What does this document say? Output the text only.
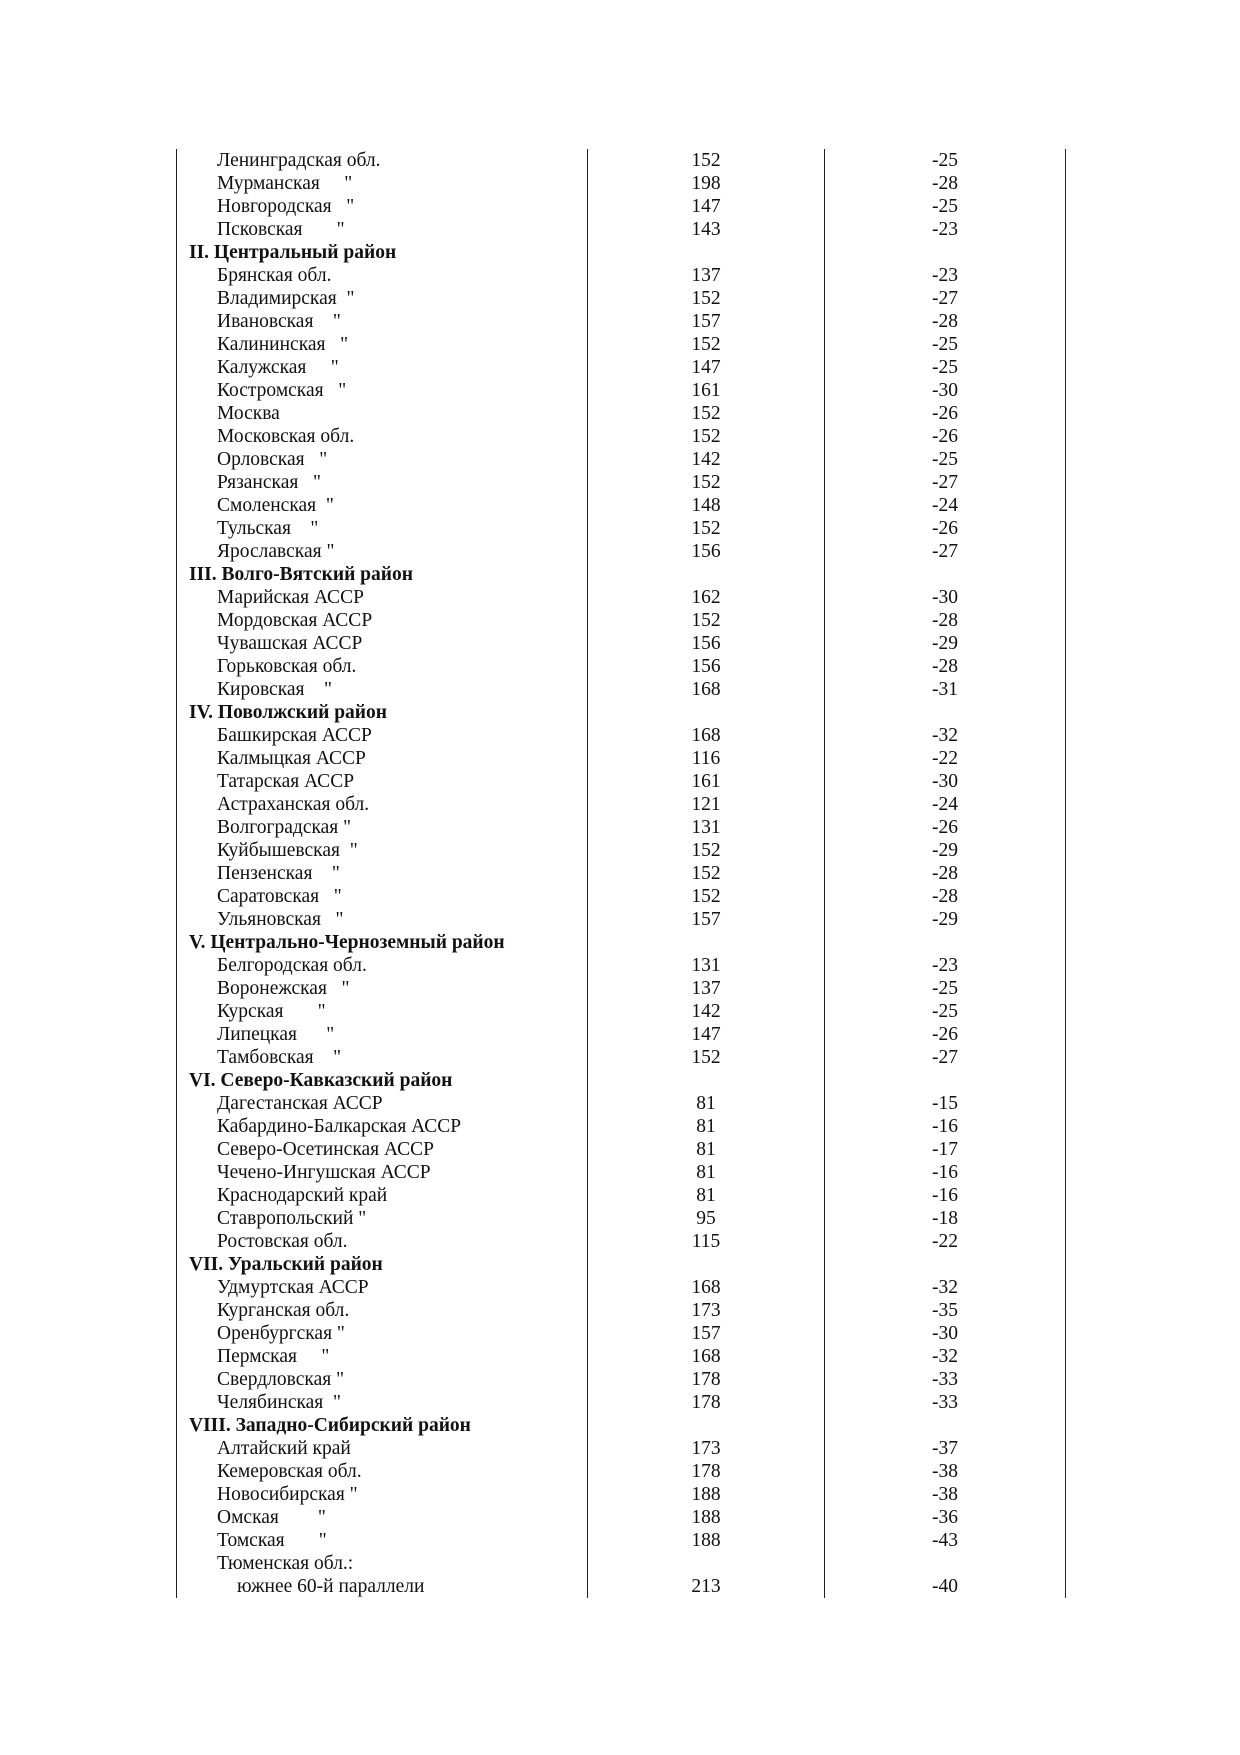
Ленинградская обл.	152	-25
Мурманская     "	198	-28
Новгородская   "	147	-25
Псковская       "	143	-23
II. Центральный район		
Брянская обл.	137	-23
Владимирская  "	152	-27
Ивановская    "	157	-28
Калининская   "	152	-25
Калужская     "	147	-25
Костромская   "	161	-30
Москва	152	-26
Московская обл.	152	-26
Орловская   "	142	-25
Рязанская   "	152	-27
Смоленская  "	148	-24
Тульская    "	152	-26
Ярославская "	156	-27
III. Волго-Вятский район		
Марийская АССР	162	-30
Мордовская АССР	152	-28
Чувашская АССР	156	-29
Горьковская обл.	156	-28
Кировская    "	168	-31
IV. Поволжский район		
Башкирская АССР	168	-32
Калмыцкая АССР	116	-22
Татарская АССР	161	-30
Астраханская обл.	121	-24
Волгоградская "	131	-26
Куйбышевская  "	152	-29
Пензенская    "	152	-28
Саратовская   "	152	-28
Ульяновская   "	157	-29
V. Центрально-Черноземный район		
Белгородская обл.	131	-23
Воронежская   "	137	-25
Курская       "	142	-25
Липецкая      "	147	-26
Тамбовская    "	152	-27
VI. Северо-Кавказский район		
Дагестанская АССР	81	-15
Кабардино-Балкарская АССР	81	-16
Северо-Осетинская АССР	81	-17
Чечено-Ингушская АССР	81	-16
Краснодарский край	81	-16
Ставропольский "	95	-18
Ростовская обл.	115	-22
VII. Уральский район		
Удмуртская АССР	168	-32
Курганская обл.	173	-35
Оренбургская "	157	-30
Пермская     "	168	-32
Свердловская "	178	-33
Челябинская  "	178	-33
VIII. Западно-Сибирский район		
Алтайский край	173	-37
Кемеровская обл.	178	-38
Новосибирская "	188	-38
Омская        "	188	-36
Томская       "	188	-43
Тюменская обл.:		
южнее 60-й параллели	213	-40
